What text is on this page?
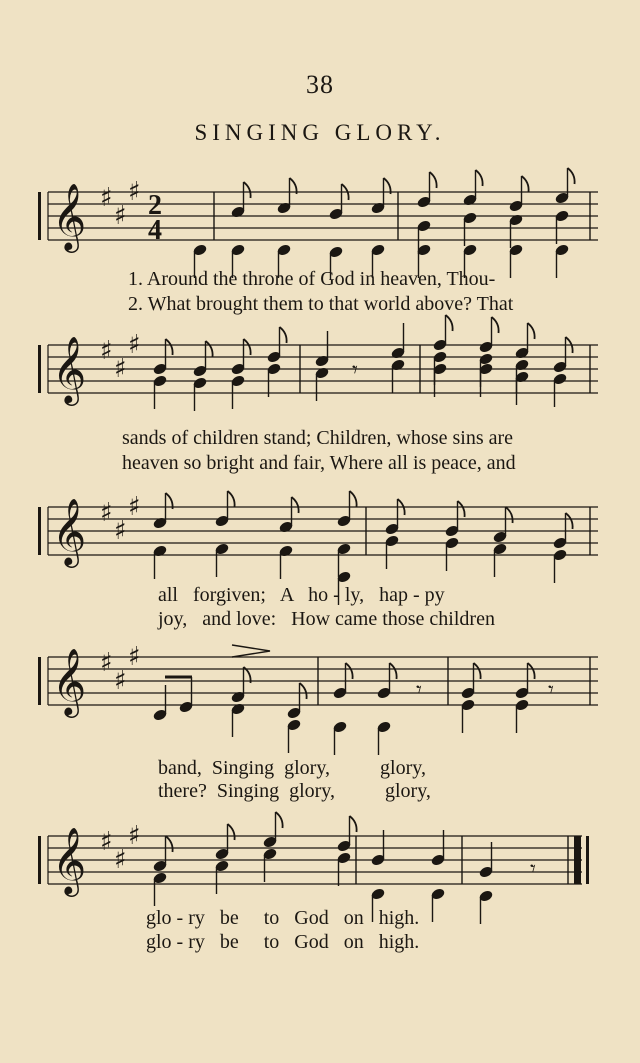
38
SINGING GLORY.
𝄞 ♯
♯
♯ 2
4
1. Around the throne of God in heaven, Thou-
2. What brought them to that world above? That
𝄞 ♯
♯
♯
𝄾
sands of children stand; Children, whose sins are
heaven so bright and fair, Where all is peace, and
𝄞 ♯
♯
♯
all   forgiven;   A   ho - ly,   hap - py
joy,   and love:   How came those children
𝄞 ♯
♯
♯
𝄾	𝄾
band,  Singing  glory,          glory,
there?  Singing  glory,          glory,
𝄞 ♯
♯
♯
𝄾
glo - ry   be     to   God   on   high.
glo - ry   be     to   God   on   high.
